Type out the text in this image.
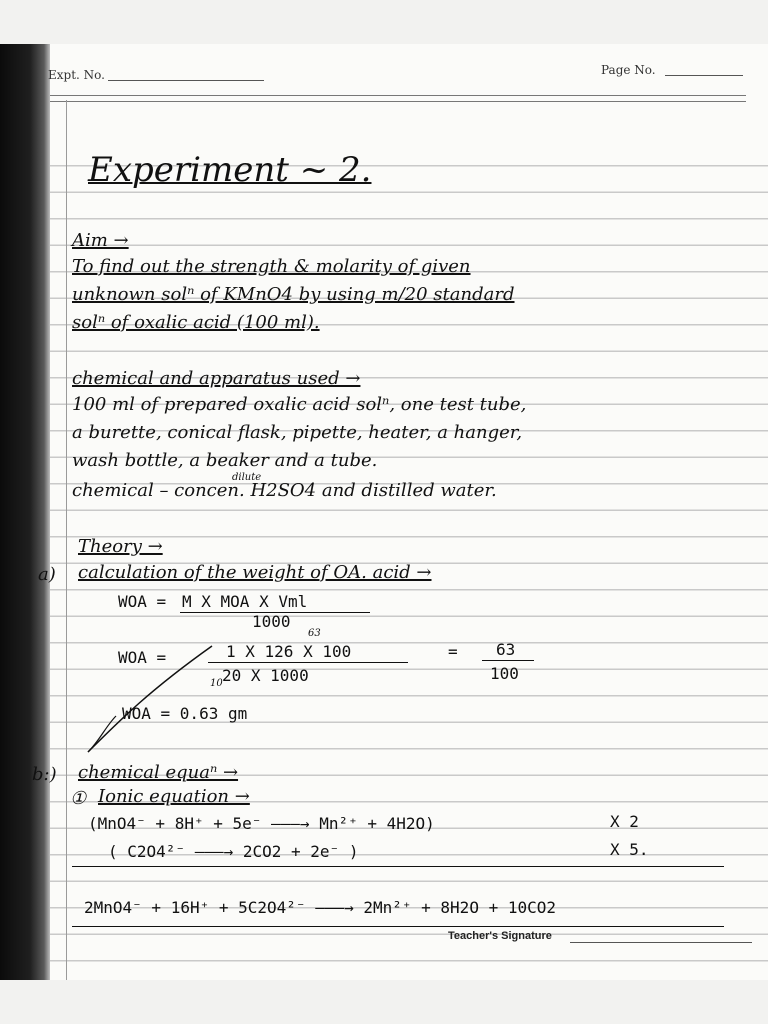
Expt. No.	Page No.
Experiment ~ 2.
Aim →
To find out the strength & molarity of given
unknown solⁿ of KMnO4 by using m/20 standard
solⁿ of oxalic acid (100 ml).
chemical and apparatus used →
100 ml of prepared oxalic acid solⁿ, one test tube,
a burette, conical flask, pipette, heater, a hanger,
wash bottle, a beaker and a tube.
dilute
chemical – concen. H2SO4 and distilled water.
Theory →
a) calculation of the weight of OA. acid →
WOA = M X MOA X Vml
1000
63
WOA =	1 X 126 X 100
10 20 X 1000
= 63
100
WOA = 0.63 gm
b:) chemical equaⁿ →
① Ionic equation →
(MnO4⁻ + 8H⁺ + 5e⁻ ———→ Mn²⁺ + 4H2O)	X 2
( C2O4²⁻ ———→ 2CO2 + 2e⁻ )	X 5.
2MnO4⁻ + 16H⁺ + 5C2O4²⁻ ———→ 2Mn²⁺ + 8H2O + 10CO2
Teacher's Signature
